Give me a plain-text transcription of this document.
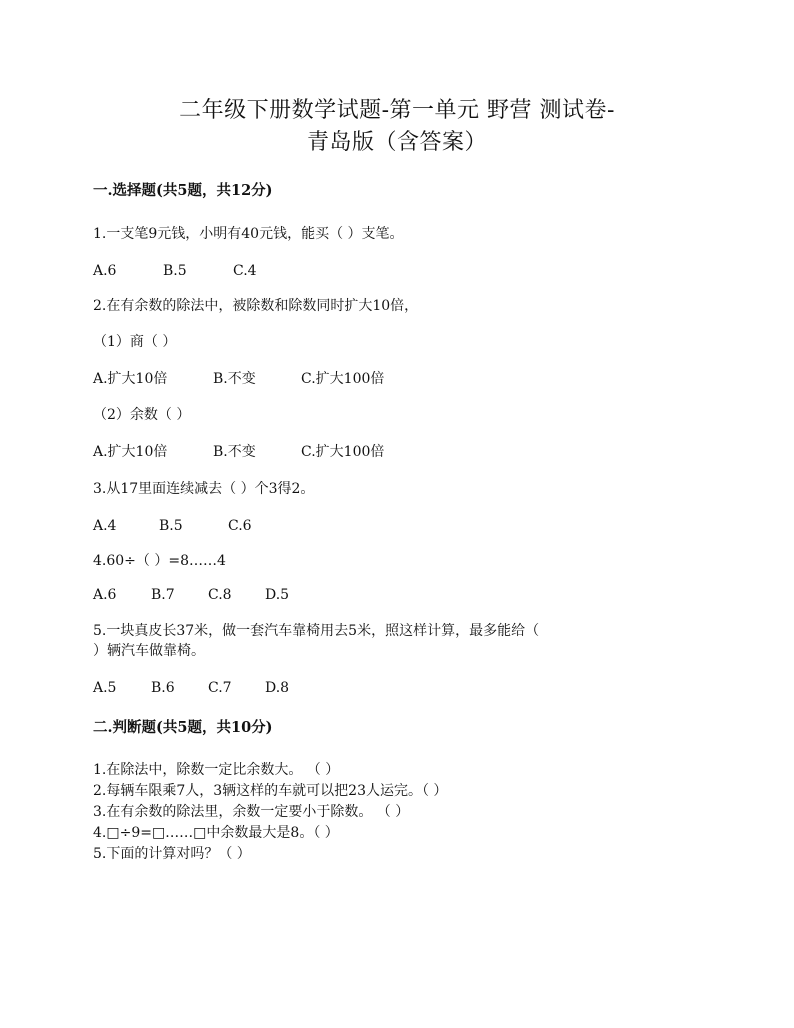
二年级下册数学试题-第一单元 野营 测试卷-
青岛版（含答案）
一.选择题(共5题，共12分)
1.一支笔9元钱，小明有40元钱，能买（ ）支笔。
A.6	B.5	C.4
2.在有余数的除法中，被除数和除数同时扩大10倍，
（1）商（ ）
A.扩大10倍	B.不变	C.扩大100倍
（2）余数（ ）
A.扩大10倍	B.不变	C.扩大100倍
3.从17里面连续减去（ ）个3得2。
A.4	B.5	C.6
4.60÷（ ）=8……4
A.6 B.7 C.8 D.5
5.一块真皮长37米，做一套汽车靠椅用去5米，照这样计算，最多能给（
）辆汽车做靠椅。
A.5 B.6 C.7 D.8
二.判断题(共5题，共10分)
1.在除法中，除数一定比余数大。 （ ）
2.每辆车限乘7人，3辆这样的车就可以把23人运完。（ ）
3.在有余数的除法里，余数一定要小于除数。 （ ）
4.□÷9=□……□中余数最大是8。（ ）
5.下面的计算对吗？（ ）
